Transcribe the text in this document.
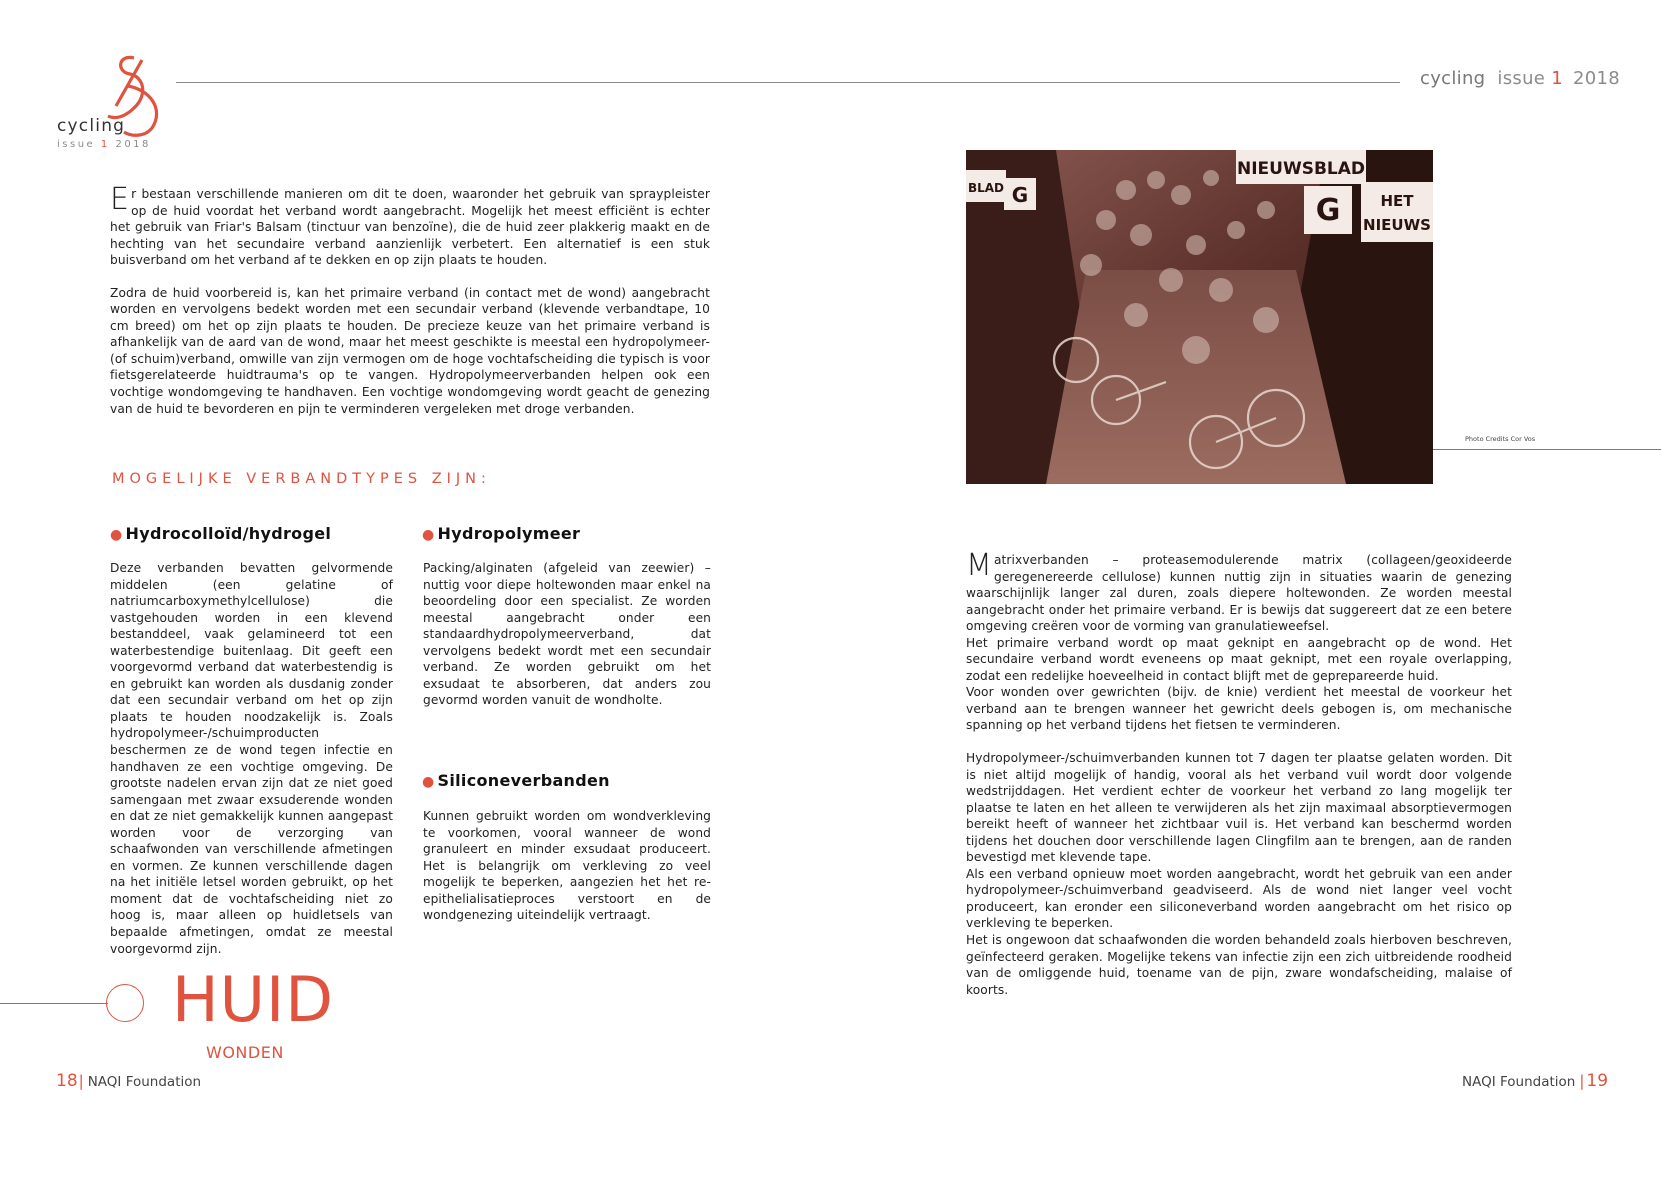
cycling
issue 1 2018
cycling issue 1 2018

Er bestaan verschillende manieren om dit te doen, waaronder het gebruik van spraypleister op de huid voordat het verband wordt aangebracht. Mogelijk het meest efficiënt is echter het gebruik van Friar's Balsam (tinctuur van benzoïne), die de huid zeer plakkerig maakt en de hechting van het secundaire verband aanzienlijk verbetert. Een alternatief is een stuk buisverband om het verband af te dekken en op zijn plaats te houden.

Zodra de huid voorbereid is, kan het primaire verband (in contact met de wond) aangebracht worden en vervolgens bedekt worden met een secundair verband (klevende verbandtape, 10 cm breed) om het op zijn plaats te houden. De precieze keuze van het primaire verband is afhankelijk van de aard van de wond, maar het meest geschikte is meestal een hydropolymeer- (of schuim)verband, omwille van zijn vermogen om de hoge vochtafscheiding die typisch is voor fietsgerelateerde huidtrauma's op te vangen. Hydropolymeerverbanden helpen ook een vochtige wondomgeving te handhaven. Een vochtige wondomgeving wordt geacht de genezing van de huid te bevorderen en pijn te verminderen vergeleken met droge verbanden.

MOGELIJKE VERBANDTYPES ZIJN:
● Hydrocolloïd/hydrogel
Deze verbanden bevatten gelvormende middelen (een gelatine of natriumcarboxymethylcellulose) die vastgehouden worden in een klevend bestanddeel, vaak gelamineerd tot een waterbestendige buitenlaag. Dit geeft een voorgevormd verband dat waterbestendig is en gebruikt kan worden als dusdanig zonder dat een secundair verband om het op zijn plaats te houden noodzakelijk is. Zoals hydropolymeer-/schuimproducten beschermen ze de wond tegen infectie en handhaven ze een vochtige omgeving. De grootste nadelen ervan zijn dat ze niet goed samengaan met zwaar exsuderende wonden en dat ze niet gemakkelijk kunnen aangepast worden voor de verzorging van schaafwonden van verschillende afmetingen en vormen. Ze kunnen verschillende dagen na het initiële letsel worden gebruikt, op het moment dat de vochtafscheiding niet zo hoog is, maar alleen op huidletsels van bepaalde afmetingen, omdat ze meestal voorgevormd zijn.
● Hydropolymeer
Packing/alginaten (afgeleid van zeewier) – nuttig voor diepe holtewonden maar enkel na beoordeling door een specialist. Ze worden meestal aangebracht onder een standaardhydropolymeerverband, dat vervolgens bedekt wordt met een secundair verband. Ze worden gebruikt om het exsudaat te absorberen, dat anders zou gevormd worden vanuit de wondholte.
● Siliconeverbanden
Kunnen gebruikt worden om wondverkleving te voorkomen, vooral wanneer de wond granuleert en minder exsudaat produceert. Het is belangrijk om verkleving zo veel mogelijk te beperken, aangezien het het re-epithelialisatieproces verstoort en de wondgenezing uiteindelijk vertraagt.
HUID
WONDEN
NIEUWSBLAD
BLAD G	G	HET
NIEUWS
Photo Credits Cor Vos

Matrixverbanden – proteasemodulerende matrix (collageen/geoxideerde geregenereerde cellulose) kunnen nuttig zijn in situaties waarin de genezing waarschijnlijk langer zal duren, zoals diepere holtewonden. Ze worden meestal aangebracht onder het primaire verband. Er is bewijs dat suggereert dat ze een betere omgeving creëren voor de vorming van granulatieweefsel.

Het primaire verband wordt op maat geknipt en aangebracht op de wond. Het secundaire verband wordt eveneens op maat geknipt, met een royale overlapping, zodat een redelijke hoeveelheid in contact blijft met de geprepareerde huid.

Voor wonden over gewrichten (bijv. de knie) verdient het meestal de voorkeur het verband aan te brengen wanneer het gewricht deels gebogen is, om mechanische spanning op het verband tijdens het fietsen te verminderen.

Hydropolymeer-/schuimverbanden kunnen tot 7 dagen ter plaatse gelaten worden. Dit is niet altijd mogelijk of handig, vooral als het verband vuil wordt door volgende wedstrijddagen. Het verdient echter de voorkeur het verband zo lang mogelijk ter plaatse te laten en het alleen te verwijderen als het zijn maximaal absorptievermogen bereikt heeft of wanneer het zichtbaar vuil is. Het verband kan beschermd worden tijdens het douchen door verschillende lagen Clingfilm aan te brengen, aan de randen bevestigd met klevende tape.

Als een verband opnieuw moet worden aangebracht, wordt het gebruik van een ander hydropolymeer-/schuimverband geadviseerd. Als de wond niet langer veel vocht produceert, kan eronder een siliconeverband worden aangebracht om het risico op verkleving te beperken.

Het is ongewoon dat schaafwonden die worden behandeld zoals hierboven beschreven, geïnfecteerd geraken. Mogelijke tekens van infectie zijn een zich uitbreidende roodheid van de omliggende huid, toename van de pijn, zware wondafscheiding, malaise of koorts.

18| NAQI Foundation	NAQI Foundation | 19
